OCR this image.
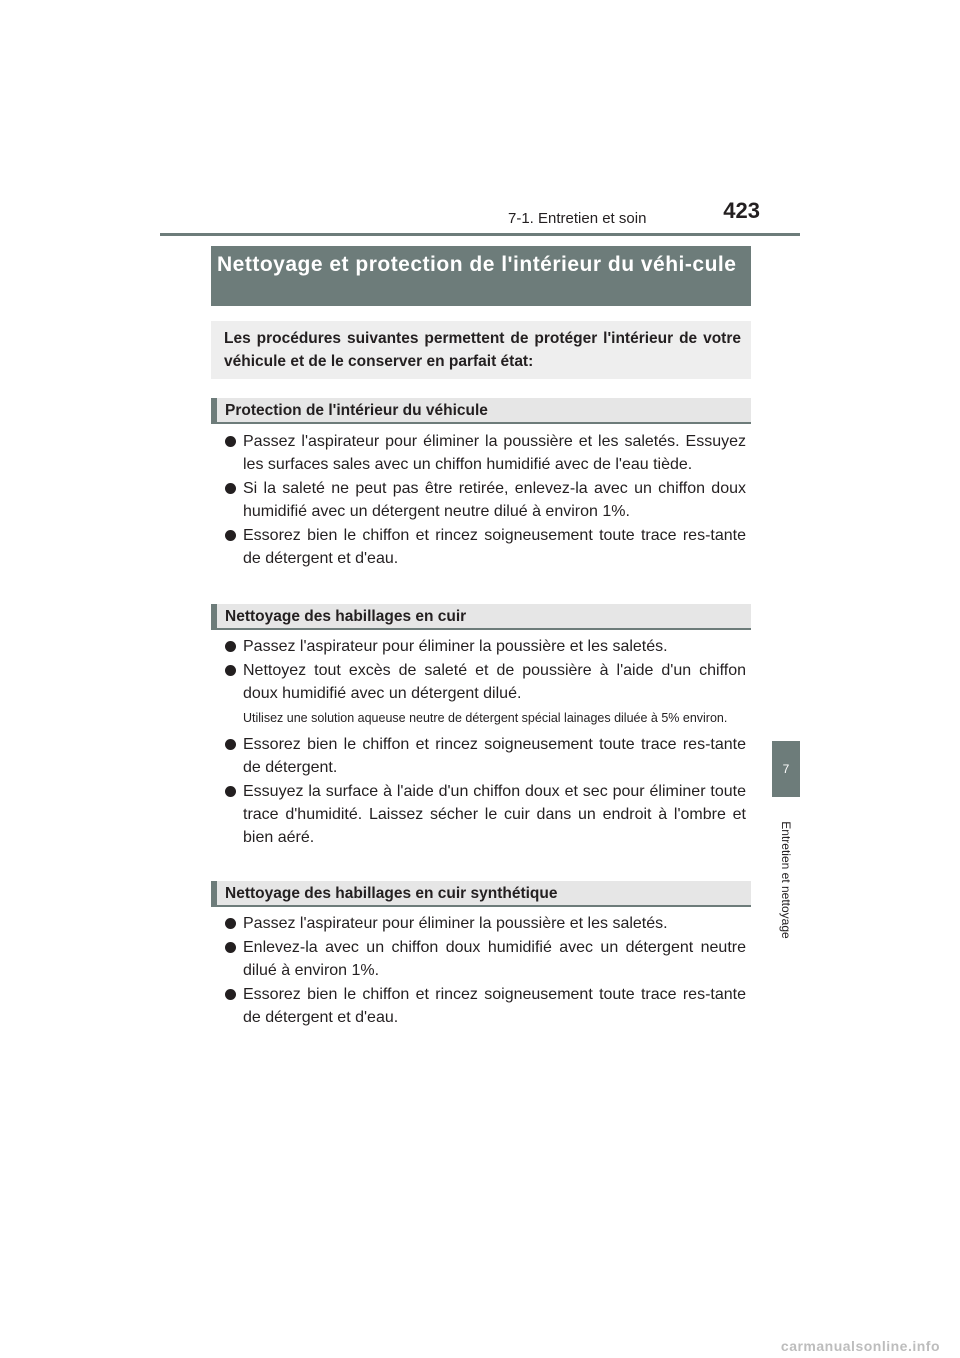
423
7-1. Entretien et soin
7
Entretien et nettoyage
Nettoyage et protection de l'intérieur du véhi-cule
Les procédures suivantes permettent de protéger l'intérieur de votre véhicule et de le conserver en parfait état:
Protection de l'intérieur du véhicule
Passez l'aspirateur pour éliminer la poussière et les saletés. Essuyez les surfaces sales avec un chiffon humidifié avec de l'eau tiède.
Si la saleté ne peut pas être retirée, enlevez-la avec un chiffon doux humidifié avec un détergent neutre dilué à environ 1%.
Essorez bien le chiffon et rincez soigneusement toute trace res-tante de détergent et d'eau.
Nettoyage des habillages en cuir
Passez l'aspirateur pour éliminer la poussière et les saletés.
Nettoyez tout excès de saleté et de poussière à l'aide d'un chiffon doux humidifié avec un détergent dilué.
Utilisez une solution aqueuse neutre de détergent spécial lainages diluée à 5% environ.
Essorez bien le chiffon et rincez soigneusement toute trace res-tante de détergent.
Essuyez la surface à l'aide d'un chiffon doux et sec pour éliminer toute trace d'humidité. Laissez sécher le cuir dans un endroit à l'ombre et bien aéré.
Nettoyage des habillages en cuir synthétique
Passez l'aspirateur pour éliminer la poussière et les saletés.
Enlevez-la avec un chiffon doux humidifié avec un détergent neutre dilué à environ 1%.
Essorez bien le chiffon et rincez soigneusement toute trace res-tante de détergent et d'eau.
carmanualsonline.info
